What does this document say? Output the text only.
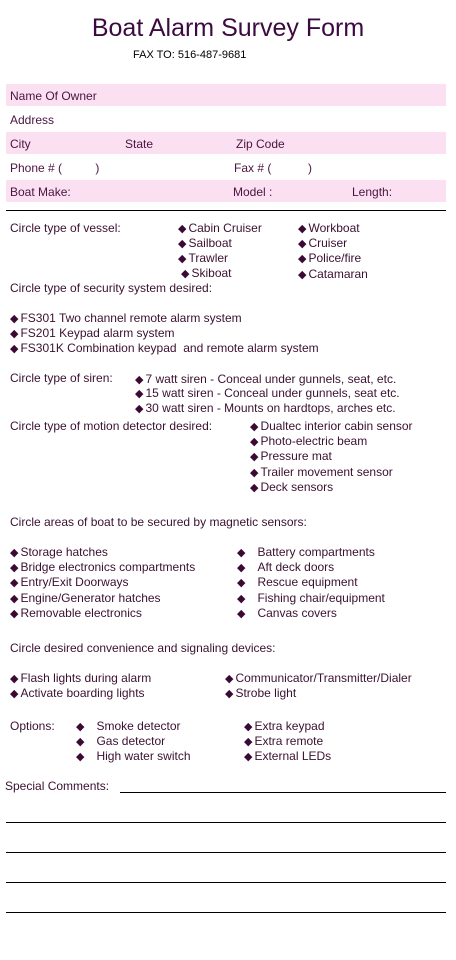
Boat Alarm Survey Form
FAX TO: 516-487-9681
Name Of Owner
Address
City	State	Zip Code
Phone # (          )	Fax # (           )
Boat Make:	Model :	Length:
Circle type of vessel:	◆ Cabin Cruiser
◆ Sailboat
◆ Trawler
◆ Skiboat
◆ Workboat
◆ Cruiser
◆ Police/fire
◆ Catamaran
Circle type of security system desired:
◆ FS301 Two channel remote alarm system
◆ FS201 Keypad alarm system
◆ FS301K Combination keypad  and remote alarm system
Circle type of siren: ◆ 7 watt siren - Conceal under gunnels, seat, etc.
◆ 15 watt siren - Conceal under gunnels, seat etc.
◆ 30 watt siren - Mounts on hardtops, arches etc.
Circle type of motion detector desired:	◆ Dualtec interior cabin sensor
◆ Photo-electric beam
◆ Pressure mat
◆ Trailer movement sensor
◆ Deck sensors
Circle areas of boat to be secured by magnetic sensors:
◆ Storage hatches
◆ Bridge electronics compartments
◆ Entry/Exit Doorways
◆ Engine/Generator hatches
◆ Removable electronics
◆ Battery compartments
◆ Aft deck doors
◆ Rescue equipment
◆ Fishing chair/equipment
◆ Canvas covers
Circle desired convenience and signaling devices:
◆ Flash lights during alarm
◆ Activate boarding lights
◆ Communicator/Transmitter/Dialer
◆ Strobe light
Options: ◆ Smoke detector
◆ Gas detector
◆ High water switch
◆ Extra keypad
◆ Extra remote
◆ External LEDs
Special Comments:
